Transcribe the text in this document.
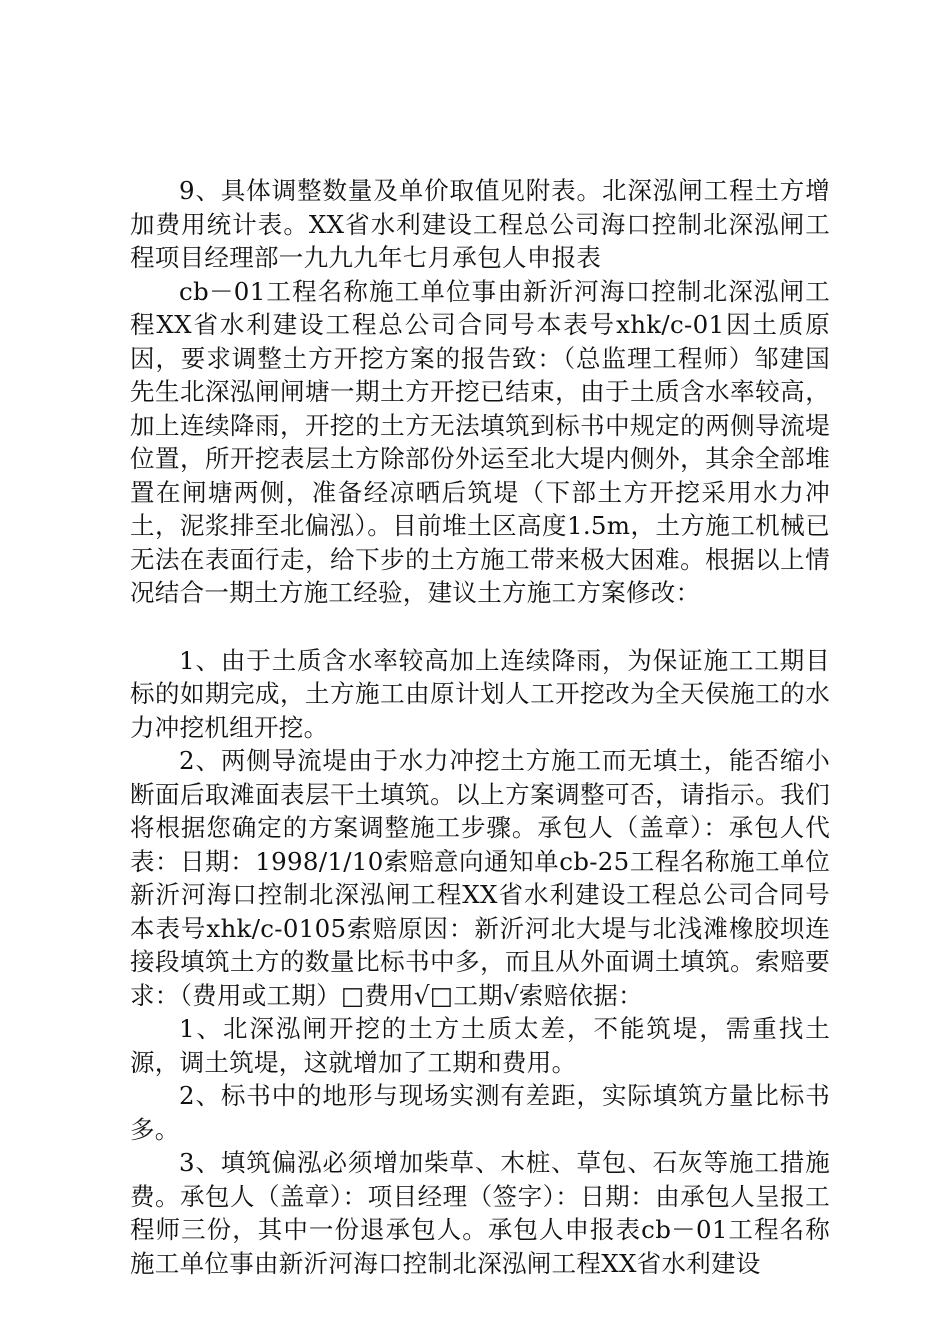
9、具体调整数量及单价取值见附表。北深泓闸工程土方增加费用统计表。XX省水利建设工程总公司海口控制北深泓闸工程项目经理部一九九九年七月承包人申报表

cb－01工程名称施工单位事由新沂河海口控制北深泓闸工程XX省水利建设工程总公司合同号本表号xhk/c-01因土质原因，要求调整土方开挖方案的报告致：（总监理工程师）邹建国先生北深泓闸闸塘一期土方开挖已结束，由于土质含水率较高，加上连续降雨，开挖的土方无法填筑到标书中规定的两侧导流堤位置，所开挖表层土方除部份外运至北大堤内侧外，其余全部堆置在闸塘两侧，准备经凉晒后筑堤（下部土方开挖采用水力冲土，泥浆排至北偏泓）。目前堆土区高度1.5m，土方施工机械已无法在表面行走，给下步的土方施工带来极大困难。根据以上情况结合一期土方施工经验，建议土方施工方案修改：

1、由于土质含水率较高加上连续降雨，为保证施工工期目标的如期完成，土方施工由原计划人工开挖改为全天侯施工的水力冲挖机组开挖。

2、两侧导流堤由于水力冲挖土方施工而无填土，能否缩小断面后取滩面表层干土填筑。以上方案调整可否，请指示。我们将根据您确定的方案调整施工步骤。承包人（盖章）：承包人代表：日期：1998/1/10索赔意向通知单cb-25工程名称施工单位新沂河海口控制北深泓闸工程XX省水利建设工程总公司合同号本表号xhk/c-0105索赔原因：新沂河北大堤与北浅滩橡胶坝连接段填筑土方的数量比标书中多，而且从外面调土填筑。索赔要求：（费用或工期）□费用√□工期√索赔依据：

1、北深泓闸开挖的土方土质太差，不能筑堤，需重找土源，调土筑堤，这就增加了工期和费用。

2、标书中的地形与现场实测有差距，实际填筑方量比标书多。

3、填筑偏泓必须增加柴草、木桩、草包、石灰等施工措施费。承包人（盖章）：项目经理（签字）：日期：由承包人呈报工程师三份，其中一份退承包人。承包人申报表cb－01工程名称施工单位事由新沂河海口控制北深泓闸工程XX省水利建设
